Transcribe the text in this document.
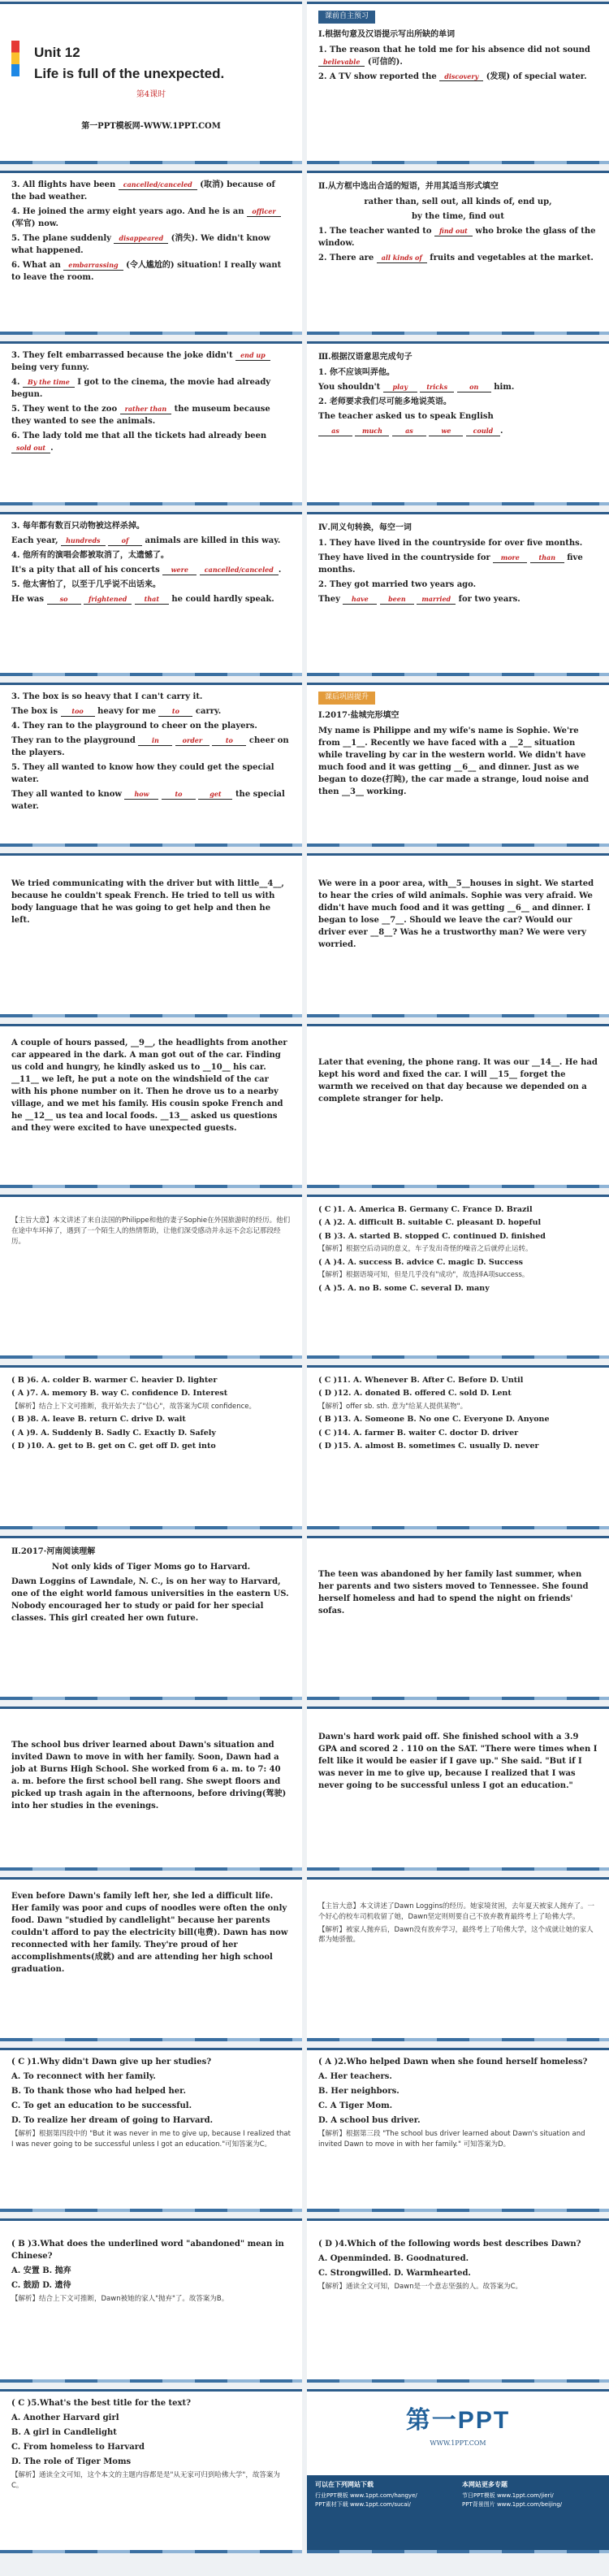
Unit 12
Life is full of the unexpected.
第4课时
第一PPT模板网-WWW.1PPT.COM
课前自主预习
Ⅰ.根据句意及汉语提示写出所缺的单词

1. The reason that he told me for his absence did not sound believable (可信的).

2. A TV show reported the discovery (发现) of special water.

3. All flights have been cancelled/canceled (取消) because of the bad weather.

4. He joined the army eight years ago. And he is an officer (军官) now.

5. The plane suddenly disappeared (消失). We didn't know what happened.

6. What an embarrassing (令人尴尬的) situation! I really want to leave the room.

Ⅱ.从方框中选出合适的短语，并用其适当形式填空

rather than, sell out, all kinds of, end up,

by the time, find out

1. The teacher wanted to find out who broke the glass of the window.

2. There are all kinds of fruits and vegetables at the market.

3. They felt embarrassed because the joke didn't end up being very funny.

4. By the time I got to the cinema, the movie had already begun.

5. They went to the zoo rather than the museum because they wanted to see the animals.

6. The lady told me that all the tickets had already been sold out .

Ⅲ.根据汉语意思完成句子

1. 你不应该叫弄他。

You shouldn't play	tricks	on him.

2. 老师要求我们尽可能多地说英语。

The teacher asked us to speak English

as	much	as	we	could .

3. 每年都有数百只动物被这样杀掉。

Each year, hundreds	of animals are killed in this way.

4. 他所有的演唱会都被取消了，太遗憾了。

It's a pity that all of his concerts were cancelled/canceled .

5. 他太害怕了，以至于几乎说不出话来。

He was so	frightened	that he could hardly speak.

Ⅳ.同义句转换，每空一词

1. They have lived in the countryside for over five months.

They have lived in the countryside for more	than five months.

2. They got married two years ago.

They have	been married for two years.

3. The box is so heavy that I can't carry it.

The box is too heavy for me to carry.

4. They ran to the playground to cheer on the players.

They ran to the playground	in	order	to cheer on the players.

5. They all wanted to know how they could get the special water.

They all wanted to know how	to	get the special water.

课后巩固提升
Ⅰ.2017·盐城完形填空

My name is Philippe and my wife's name is Sophie. We're from __1__. Recently we have faced with a __2__ situation while traveling by car in the western world. We didn't have much food and it was getting __6__ and dinner. Just as we began to doze(打盹), the car made a strange, loud noise and then __3__ working.

We tried communicating with the driver but with little__4__, because he couldn't speak French. He tried to tell us with body language that he was going to get help and then he left.

We were in a poor area, with__5__houses in sight. We started to hear the cries of wild animals. Sophie was very afraid. We didn't have much food and it was getting __6__ and dinner. I began to lose __7__. Should we leave the car? Would our driver ever __8__? Was he a trustworthy man? We were very worried.

A couple of hours passed, __9__, the headlights from another car appeared in the dark. A man got out of the car. Finding us cold and hungry, he kindly asked us to __10__ his car. __11__ we left, he put a note on the windshield of the car with his phone number on it. Then he drove us to a nearby village, and we met his family. His cousin spoke French and he __12__ us tea and local foods. __13__ asked us questions and they were excited to have unexpected guests.

Later that evening, the phone rang. It was our __14__. He had kept his word and fixed the car. I will __15__ forget the warmth we received on that day because we depended on a complete stranger for help.

【主旨大意】本文讲述了来自法国的Philippe和他的妻子Sophie在外国旅游时的经历。他们在途中车坏掉了，遇到了一个陌生人的热情帮助，让他们深受感动并永远不会忘记那段经历。

( C )1. A. America B. Germany C. France D. Brazil

( A )2. A. difficult B. suitable C. pleasant D. hopeful

( B )3. A. started B. stopped C. continued D. finished

【解析】根据空后动词的意义，车子发出奇怪的噪音之后就停止运转。

( A )4. A. success B. advice C. magic D. Success

【解析】根据语境可知，但是几乎没有"成功"，故选择A项success。

( A )5. A. no B. some C. several D. many

( B )6. A. colder B. warmer C. heavier D. lighter

( A )7. A. memory B. way C. confidence D. Interest

【解析】结合上下文可推断，我开始失去了"信心"，故答案为C项 confidence。

( B )8. A. leave B. return C. drive D. wait

( A )9. A. Suddenly B. Sadly C. Exactly D. Safely

( D )10. A. get to B. get on C. get off D. get into

( C )11. A. Whenever B. After C. Before D. Until

( D )12. A. donated B. offered C. sold D. Lent

【解析】offer sb. sth. 意为"给某人提供某物"。

( B )13. A. Someone B. No one C. Everyone D. Anyone

( C )14. A. farmer B. waiter C. doctor D. driver

( D )15. A. almost B. sometimes C. usually D. never

Ⅱ.2017·河南阅读理解

Not only kids of Tiger Moms go to Harvard.

Dawn Loggins of Lawndale, N. C., is on her way to Harvard, one of the eight world famous universities in the eastern US. Nobody encouraged her to study or paid for her special classes. This girl created her own future.

The teen was abandoned by her family last summer, when her parents and two sisters moved to Tennessee. She found herself homeless and had to spend the night on friends' sofas.

The school bus driver learned about Dawn's situation and invited Dawn to move in with her family. Soon, Dawn had a job at Burns High School. She worked from 6 a. m. to 7: 40 a. m. before the first school bell rang. She swept floors and picked up trash again in the afternoons, before driving(驾驶) into her studies in the evenings.

Dawn's hard work paid off. She finished school with a 3.9 GPA and scored 2 . 110 on the SAT. "There were times when I felt like it would be easier if I gave up." She said. "But if I was never in me to give up, because I realized that I was never going to be successful unless I got an education."

Even before Dawn's family left her, she led a difficult life. Her family was poor and cups of noodles were often the only food. Dawn "studied by candlelight" because her parents couldn't afford to pay the electricity bill(电费). Dawn has now reconnected with her family. They're proud of her accomplishments(成就) and are attending her high school graduation.

【主旨大意】本文讲述了Dawn Loggins的经历。她家境贫困，去年夏天被家人抛弃了。一个好心的校车司机收留了她，Dawn坚定则则要自己不放弃教育最终考上了哈佛大学。

【解析】被家人抛弃后，Dawn没有放弃学习，最终考上了哈佛大学，这个成就让她的家人都为她骄傲。

( C )1.Why didn't Dawn give up her studies?

A. To reconnect with her family.

B. To thank those who had helped her.

C. To get an education to be successful.

D. To realize her dream of going to Harvard.

【解析】根据第四段中的 "But it was never in me to give up, because I realized that I was never going to be successful unless I got an education."可知答案为C。

( A )2.Who helped Dawn when she found herself homeless?

A. Her teachers.

B. Her neighbors.

C. A Tiger Mom.

D. A school bus driver.

【解析】根据第三段 "The school bus driver learned about Dawn's situation and invited Dawn to move in with her family." 可知答案为D。

( B )3.What does the underlined word "abandoned" mean in Chinese?

A. 安置 B. 抛弃

C. 鼓励 D. 遗待

【解析】结合上下文可推断，Dawn被她的家人"抛弃"了。故答案为B。

( D )4.Which of the following words best describes Dawn?

A. Openminded. B. Goodnatured.

C. Strongwilled. D. Warmhearted.

【解析】通读全文可知，Dawn是一个意志坚强的人。故答案为C。

( C )5.What's the best title for the text?

A. Another Harvard girl

B. A girl in Candlelight

C. From homeless to Harvard

D. The role of Tiger Moms

【解析】通读全文可知，这个本文的主题内容都是是"从无家可归到哈佛大学"，故答案为C。

第一PPT
WWW.1PPT.COM
可以在下列网站下载
行业PPT模板 www.1ppt.com/hangye/
PPT素材下载 www.1ppt.com/sucai/
本网站更多专题
节日PPT模板 www.1ppt.com/jieri/
PPT背景图片 www.1ppt.com/beijing/
